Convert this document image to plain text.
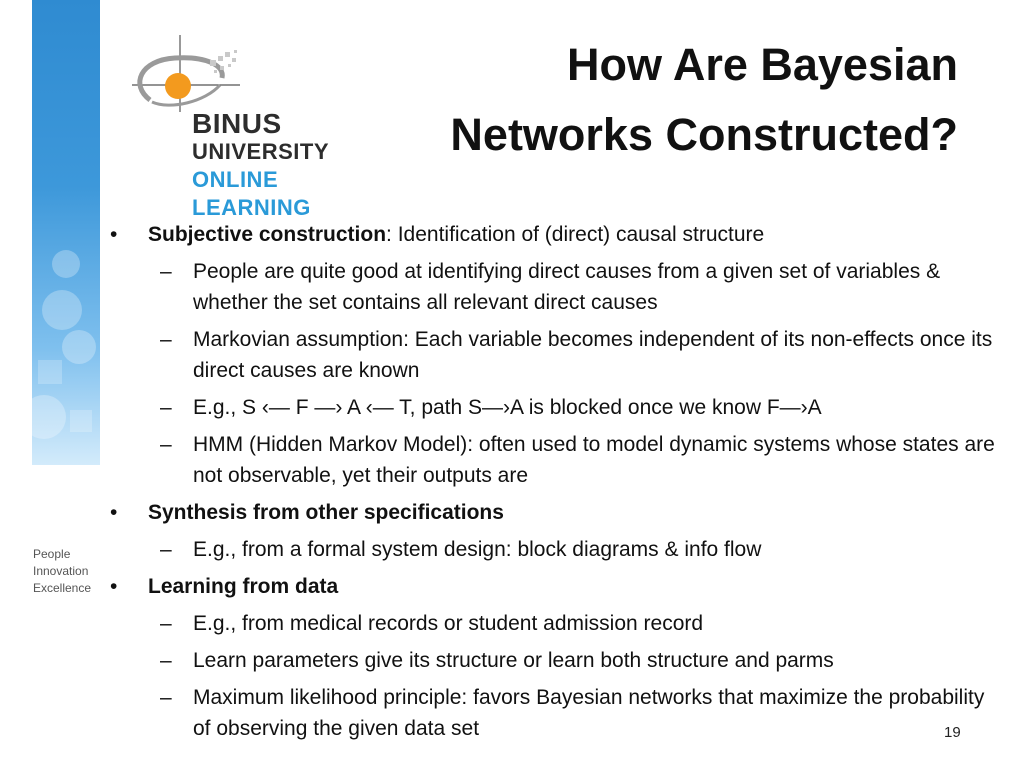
People
Innovation
Excellence
BINUS
UNIVERSITY
ONLINE
LEARNING
How Are Bayesian
Networks Constructed?
• Subjective construction: Identification of (direct) causal structure
– People are quite good at identifying direct causes from a given set of variables & whether the set contains all relevant direct causes
– Markovian assumption: Each variable becomes independent of its non-effects once its direct causes are known
– E.g., S ‹— F —› A ‹— T, path S—›A is blocked once we know F—›A
– HMM (Hidden Markov Model): often used to model dynamic systems whose states are not observable, yet their outputs are
• Synthesis from other specifications
– E.g., from a formal system design: block diagrams & info flow
• Learning from data
– E.g., from medical records or student admission record
– Learn parameters give its structure or learn both structure and parms
– Maximum likelihood principle: favors Bayesian networks that maximize the probability of observing the given data set	19
